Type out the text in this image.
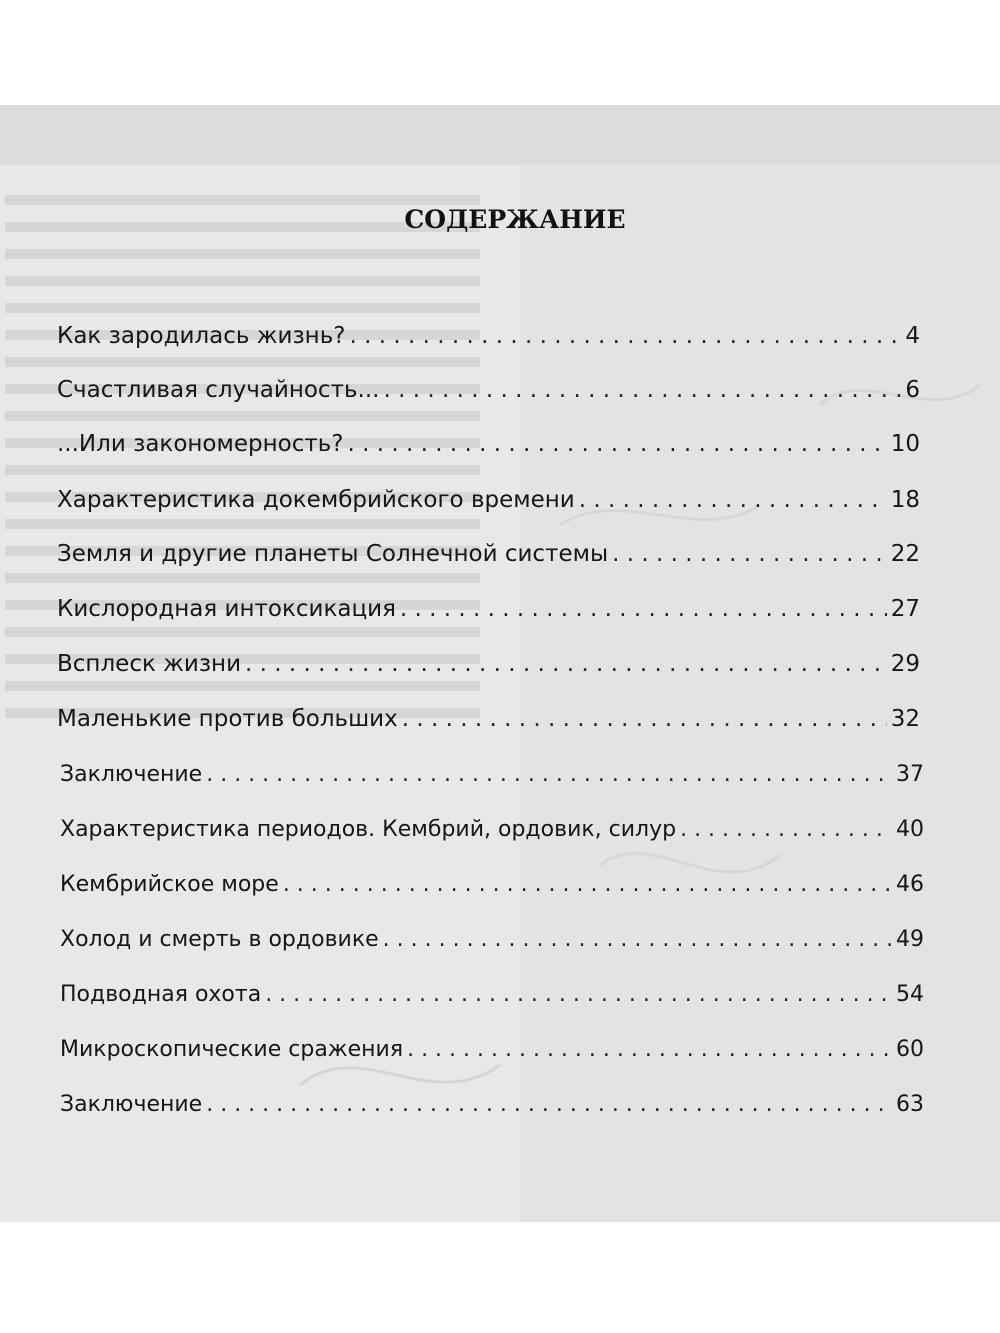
СОДЕРЖАНИЕ
Как зародилась жизнь? . . .	4
Счастливая случайность... . . .	6
...Или закономерность? . . .	10
Характеристика докембрийского времени . . .	18
Земля и другие планеты Солнечной системы . . .	22
Кислородная интоксикация . . .	27
Всплеск жизни . . .	29
Маленькие против больших . . .	32
Заключение . . .	37
Характеристика периодов. Кембрий, ордовик, силур . . .	40
Кембрийское море . . .	46
Холод и смерть в ордовике . . .	49
Подводная охота . . .	54
Микроскопические сражения . . .	60
Заключение . . .	63
